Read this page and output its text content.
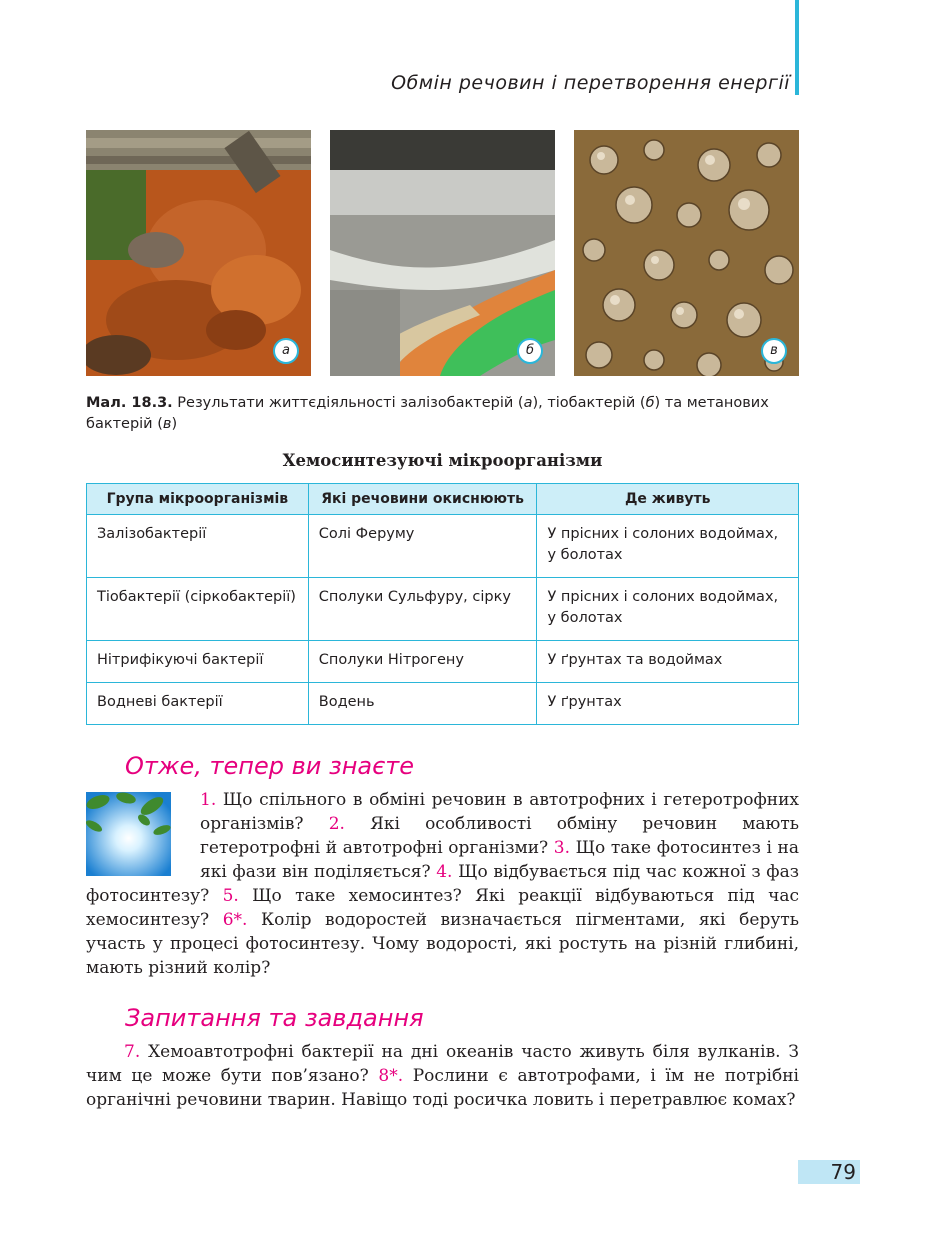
Обмін речовин і перетворення енергії
а	б	в
Мал. 18.3. Результати життєдіяльності залізобактерій (а), тіобактерій (б) та метанових бактерій (в)
Хемосинтезуючі мікроорганізми
Група мікроорганізмів	Які речовини окиснюють	Де живуть
Залізобактерії	Солі Феруму	У прісних і солоних водоймах, у болотах
Тіобактерії (сіркобактерії)	Сполуки Сульфуру, сірку	У прісних і солоних водоймах, у болотах
Нітрифікуючі бактерії	Сполуки Нітрогену	У ґрунтах та водоймах
Водневі бактерії	Водень	У ґрунтах
Отже, тепер ви знаєте
1. Що спільного в обміні речовин в автотрофних і гетеротрофних організмів? 2. Які особливості обміну речовин мають гетеротрофні й автотрофні організми? 3. Що таке фотосинтез і на які фази він поділяється? 4. Що відбувається під час кожної з фаз фотосинтезу? 5. Що таке хемосинтез? Які реакції відбуваються під час хемосинтезу? 6*. Колір водоростей визначається пігментами, які беруть участь у процесі фотосинтезу. Чому водорості, які ростуть на різній глибині, мають різний колір?
Запитання та завдання
7. Хемоавтотрофні бактерії на дні океанів часто живуть біля вулканів. З чим це може бути пов’язано? 8*. Рослини є автотрофами, і їм не потрібні органічні речовини тварин. Навіщо тоді росичка ловить і перетравлює комах?
79
